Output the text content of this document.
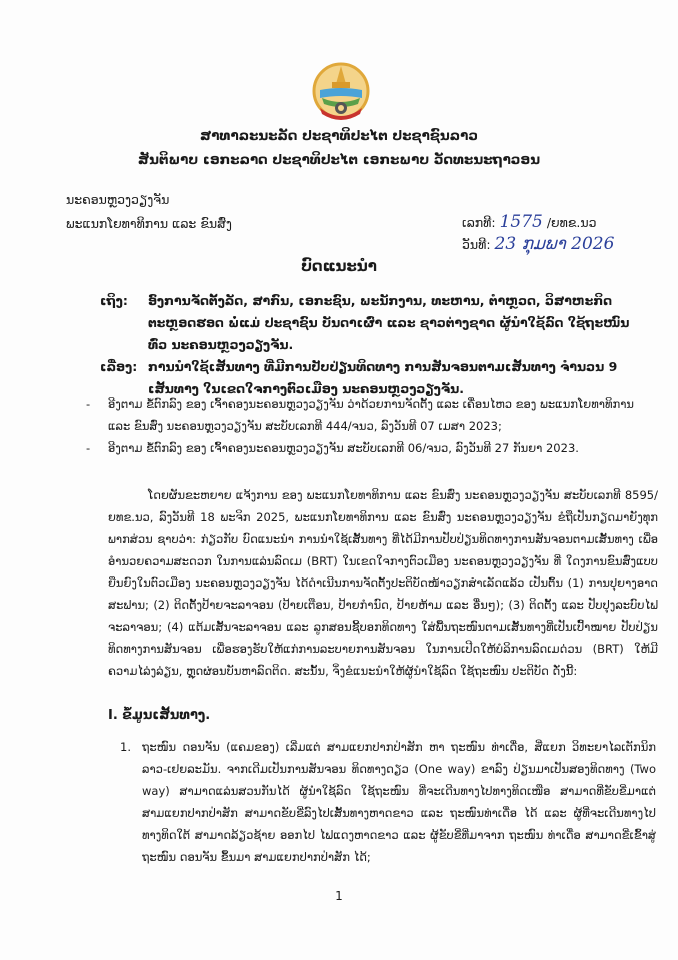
ສາທາລະນະລັດ ປະຊາທິປະໄຕ ປະຊາຊົນລາວ
ສັນຕິພາບ ເອກະລາດ ປະຊາທິປະໄຕ ເອກະພາບ ວັດທະນະຖາວອນ
ນະຄອນຫຼວງວຽງຈັນ
ພະແນກໂຍທາທິການ ແລະ ຂົນສົ່ງ	ເລກທີ: 1575 /ຍທຂ.ນວ
ວັນທີ: 23 ກຸມພາ 2026
ບົດແນະນຳ
ເຖິງ: ອົງການຈັດຕັ້ງລັດ, ສາກົນ, ເອກະຊົນ, ພະນັກງານ, ທະຫານ, ຕຳຫຼວດ, ວິສາຫະກິດ ຕະຫຼອດຮອດ ພໍ່ແມ່ ປະຊາຊົນ ບັນດາເຜົ່າ ແລະ ຊາວຕ່າງຊາດ ຜູ້ນຳໃຊ້ລົດ ໃຊ້ຖະໜົນ ທົ່ວ ນະຄອນຫຼວງວຽງຈັນ.
ເລື່ອງ: ການນຳໃຊ້ເສັ້ນທາງ ທີ່ມີການປັບປ່ຽນທິດທາງ ການສັນຈອນຕາມເສັ້ນທາງ ຈຳນວນ 9 ເສັ້ນທາງ ໃນເຂດໃຈກາງຕົວເມືອງ ນະຄອນຫຼວງວຽງຈັນ.
- ອີງຕາມ ຂໍ້ຕົກລົງ ຂອງ ເຈົ້າຄອງນະຄອນຫຼວງວຽງຈັນ ວ່າດ້ວຍການຈັດຕັ້ງ ແລະ ເຄື່ອນໄຫວ ຂອງ ພະແນກໂຍທາທິການ ແລະ ຂົນສົ່ງ ນະຄອນຫຼວງວຽງຈັນ ສະບັບເລກທີ 444/ຈນວ, ລົງວັນທີ 07 ເມສາ 2023;
- ອີງຕາມ ຂໍ້ຕົກລົງ ຂອງ ເຈົ້າຄອງນະຄອນຫຼວງວຽງຈັນ ສະບັບເລກທີ 06/ຈນວ, ລົງວັນທີ 27 ກັນຍາ 2023.
ໂດຍຜັນຂະຫຍາຍ ແຈ້ງການ ຂອງ ພະແນກໂຍທາທິການ ແລະ ຂົນສົ່ງ ນະຄອນຫຼວງວຽງຈັນ ສະບັບເລກທີ 8595/ຍທຂ.ນວ, ລົງວັນທີ 18 ພະຈິກ 2025, ພະແນກໂຍທາທິການ ແລະ ຂົນສົ່ງ ນະຄອນຫຼວງວຽງຈັນ ຂໍຖືເປັນກຽດມາຍັງທຸກພາກສ່ວນ ຊາບວ່າ: ກ່ຽວກັບ ບົດແນະນຳ ການນຳໃຊ້ເສັ້ນທາງ ທີ່ໄດ້ມີການປັບປ່ຽນທິດທາງການສັນຈອນຕາມເສັ້ນທາງ ເພື່ອອຳນວຍຄວາມສະດວກ ໃນການແລ່ນລົດເມ (BRT) ໃນເຂດໃຈກາງຕົວເມືອງ ນະຄອນຫຼວງວຽງຈັນ ທີ່ ໃດງການຂົນສົ່ງແບບຍືນຍົງໃນຕົວເມືອງ ນະຄອນຫຼວງວຽງຈັນ ໄດ້ດຳເນີນການຈັດຕັ້ງປະຕິບັດໜ້າວຽກສຳເລັດແລ້ວ ເປັນຕົ້ນ (1) ການປຸຍາງອາດສະຟານ; (2) ຕິດຕັ້ງປ້າຍຈະລາຈອນ (ປ້າຍເຕືອນ, ປ້າຍກຳນົດ, ປ້າຍຫ້າມ ແລະ ອື່ນໆ); (3) ຕິດຕັ້ງ ແລະ ປັບປຸງລະບົບໄຟຈະລາຈອນ; (4) ແຕ້ມເສັ້ນຈະລາຈອນ ແລະ ລູກສອນຊີ້ບອກທິດທາງ ໃສ່ພື້ນຖະໜົນຕາມເສັ້ນທາງທີ່ເປັນເປົ້າໝາຍ ປັບປ່ຽນທິດທາງການສັນຈອນ ເພື່ອຮອງຮັບໃຫ້ແກ່ການລະບາຍການສັນຈອນ ໃນການເປີດໃຫ້ບໍລິການລົດເມດ່ວນ (BRT) ໃຫ້ມີຄວາມໄລ່ງລ່ຽນ, ຫຼຸດຜ່ອນບັນຫາລົດຕິດ. ສະນັ້ນ, ຈິ່ງຂໍແນະນຳໃຫ້ຜູ້ນຳໃຊ້ລົດ ໃຊ້ຖະໜົນ ປະຕິບັດ ດັ່ງນີ້:
I. ຂໍ້ມູນເສັ້ນທາງ.
1. ຖະໜົນ ດອນຈັນ (ແຄມຂອງ) ເລີ່ມແຕ່ ສາມແຍກປາກປ່າສັກ ຫາ ຖະໜົນ ທ່າເດື່ອ, ສີ່ແຍກ ວິທະຍາໄລເຕັກນິກ ລາວ-ເຢຍລະມັນ. ຈາກເດີມເປັນການສັນຈອນ ທິດທາງດຽວ (One way) ຂາລົງ ປ່ຽນມາເປັນສອງທິດທາງ (Two way) ສາມາດແລ່ນສວນກັນໄດ້ ຜູ້ນຳໃຊ້ລົດ ໃຊ້ຖະໜົນ ທີ່ຈະເດີນທາງໄປທາງທິດເໜືອ ສາມາດທີ່ຂັບຂີ່ມາແຕ່ ສາມແຍກປາກປ່າສັກ ສາມາດຂັບຂີ່ລົງໄປເສັ້ນທາງຫາດຂາວ ແລະ ຖະໜົນທ່າເດື່ອ ໄດ້ ແລະ ຜູ້ທີ່ຈະເດີນທາງໄປທາງທິດໃຕ້ ສາມາດລ້ຽວຊ້າຍ ອອກໄປ ໄຟແດງຫາດຂາວ ແລະ ຜູ້ຂັບຂີ່ທີ່ມາຈາກ ຖະໜົນ ທ່າເດື່ອ ສາມາດຂີ່ເຂົ້າສູ່ ຖະໜົນ ດອນຈັນ ຂຶ້ນມາ ສາມແຍກປາກປ່າສັກ ໄດ້;
1
